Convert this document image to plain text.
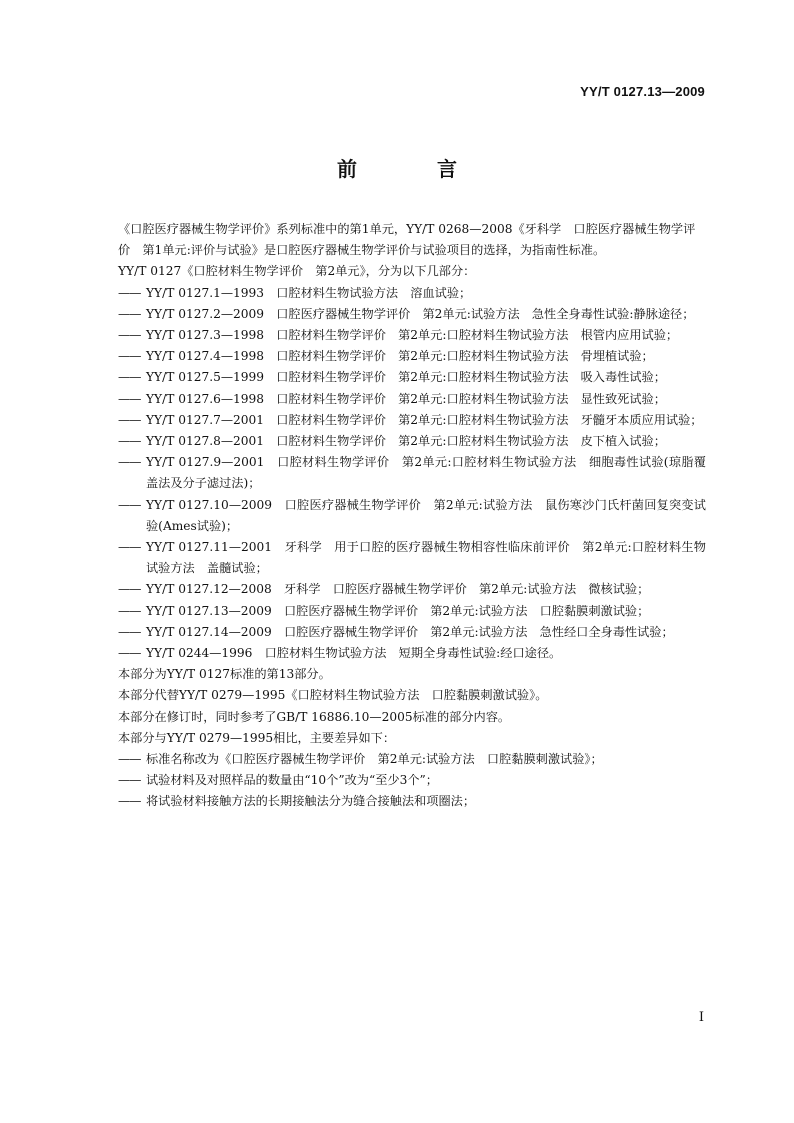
YY/T 0127.13—2009
前　言

《口腔医疗器械生物学评价》系列标准中的第1单元，YY/T 0268—2008《牙科学　口腔医疗器械生物学评价　第1单元:评价与试验》是口腔医疗器械生物学评价与试验项目的选择，为指南性标准。

YY/T 0127《口腔材料生物学评价　第2单元》，分为以下几部分：

—— YY/T 0127.1—1993　口腔材料生物试验方法　溶血试验；

—— YY/T 0127.2—2009　口腔医疗器械生物学评价　第2单元:试验方法　急性全身毒性试验:静脉途径；

—— YY/T 0127.3—1998　口腔材料生物学评价　第2单元:口腔材料生物试验方法　根管内应用试验；

—— YY/T 0127.4—1998　口腔材料生物学评价　第2单元:口腔材料生物试验方法　骨埋植试验；

—— YY/T 0127.5—1999　口腔材料生物学评价　第2单元:口腔材料生物试验方法　吸入毒性试验；

—— YY/T 0127.6—1998　口腔材料生物学评价　第2单元:口腔材料生物试验方法　显性致死试验；

—— YY/T 0127.7—2001　口腔材料生物学评价　第2单元:口腔材料生物试验方法　牙髓牙本质应用试验；

—— YY/T 0127.8—2001　口腔材料生物学评价　第2单元:口腔材料生物试验方法　皮下植入试验；

—— YY/T 0127.9—2001　口腔材料生物学评价　第2单元:口腔材料生物试验方法　细胞毒性试验(琼脂覆盖法及分子滤过法)；

—— YY/T 0127.10—2009　口腔医疗器械生物学评价　第2单元:试验方法　鼠伤寒沙门氏杆菌回复突变试验(Ames试验)；

—— YY/T 0127.11—2001　牙科学　用于口腔的医疗器械生物相容性临床前评价　第2单元:口腔材料生物试验方法　盖髓试验；

—— YY/T 0127.12—2008　牙科学　口腔医疗器械生物学评价　第2单元:试验方法　微核试验；

—— YY/T 0127.13—2009　口腔医疗器械生物学评价　第2单元:试验方法　口腔黏膜刺激试验；

—— YY/T 0127.14—2009　口腔医疗器械生物学评价　第2单元:试验方法　急性经口全身毒性试验；

—— YY/T 0244—1996　口腔材料生物试验方法　短期全身毒性试验:经口途径。

本部分为YY/T 0127标准的第13部分。

本部分代替YY/T 0279—1995《口腔材料生物试验方法　口腔黏膜刺激试验》。

本部分在修订时，同时参考了GB/T 16886.10—2005标准的部分内容。

本部分与YY/T 0279—1995相比，主要差异如下：

—— 标准名称改为《口腔医疗器械生物学评价　第2单元:试验方法　口腔黏膜刺激试验》；

—— 试验材料及对照样品的数量由“10个”改为“至少3个”；

—— 将试验材料接触方法的长期接触法分为缝合接触法和项圈法；

I
